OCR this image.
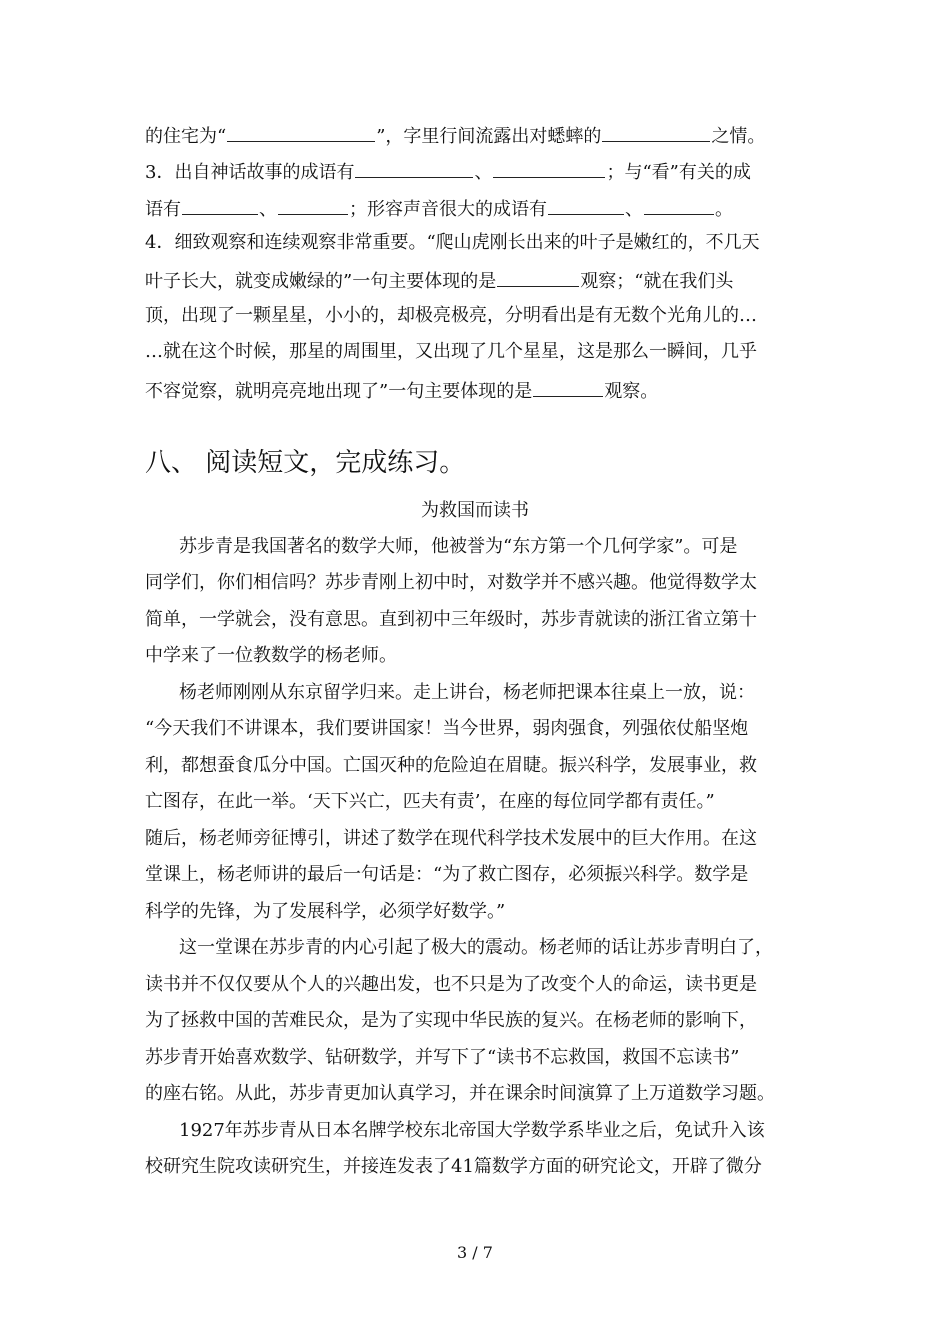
的住宅为“	”，字里行间流露出对蟋蟀的	之情。
3．出自神话故事的成语有	、	；与“看”有关的成
语有	、	；形容声音很大的成语有	、	。
4．细致观察和连续观察非常重要。“爬山虎刚长出来的叶子是嫩红的，不几天
叶子长大，就变成嫩绿的”一句主要体现的是	观察；“就在我们头
顶，出现了一颗星星，小小的，却极亮极亮，分明看出是有无数个光角儿的…
…就在这个时候，那星的周围里，又出现了几个星星，这是那么一瞬间，几乎
不容觉察，就明亮亮地出现了”一句主要体现的是	观察。
八、 阅读短文，完成练习。
为救国而读书
苏步青是我国著名的数学大师，他被誉为“东方第一个几何学家”。可是
同学们，你们相信吗？苏步青刚上初中时，对数学并不感兴趣。他觉得数学太
简单，一学就会，没有意思。直到初中三年级时，苏步青就读的浙江省立第十
中学来了一位教数学的杨老师。
杨老师刚刚从东京留学归来。走上讲台，杨老师把课本往桌上一放，说：
“今天我们不讲课本，我们要讲国家！当今世界，弱肉强食，列强依仗船坚炮
利，都想蚕食瓜分中国。亡国灭种的危险迫在眉睫。振兴科学，发展事业，救
亡图存，在此一举。‘天下兴亡，匹夫有责’，在座的每位同学都有责任。”
随后，杨老师旁征博引，讲述了数学在现代科学技术发展中的巨大作用。在这
堂课上，杨老师讲的最后一句话是：“为了救亡图存，必须振兴科学。数学是
科学的先锋，为了发展科学，必须学好数学。”
这一堂课在苏步青的内心引起了极大的震动。杨老师的话让苏步青明白了，
读书并不仅仅要从个人的兴趣出发，也不只是为了改变个人的命运，读书更是
为了拯救中国的苦难民众，是为了实现中华民族的复兴。在杨老师的影响下，
苏步青开始喜欢数学、钻研数学，并写下了“读书不忘救国，救国不忘读书”
的座右铭。从此，苏步青更加认真学习，并在课余时间演算了上万道数学习题。
1927年苏步青从日本名牌学校东北帝国大学数学系毕业之后，免试升入该
校研究生院攻读研究生，并接连发表了41篇数学方面的研究论文，开辟了微分
3 / 7
